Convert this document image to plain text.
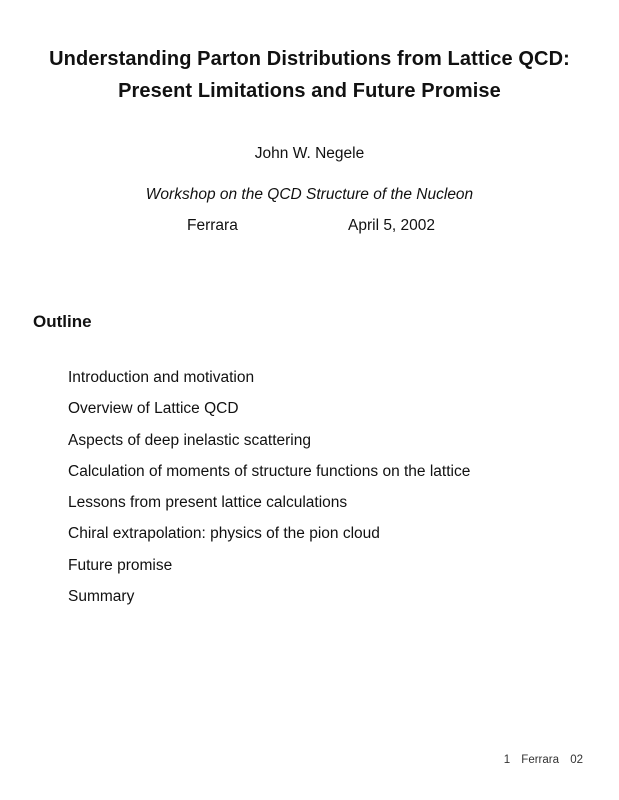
Understanding Parton Distributions from Lattice QCD:
Present Limitations and Future Promise
John W. Negele
Workshop on the QCD Structure of the Nucleon
Ferrara	April 5, 2002
Outline
Introduction and motivation
Overview of Lattice QCD
Aspects of deep inelastic scattering
Calculation of moments of structure functions on the lattice
Lessons from present lattice calculations
Chiral extrapolation: physics of the pion cloud
Future promise
Summary
1 Ferrara 02
